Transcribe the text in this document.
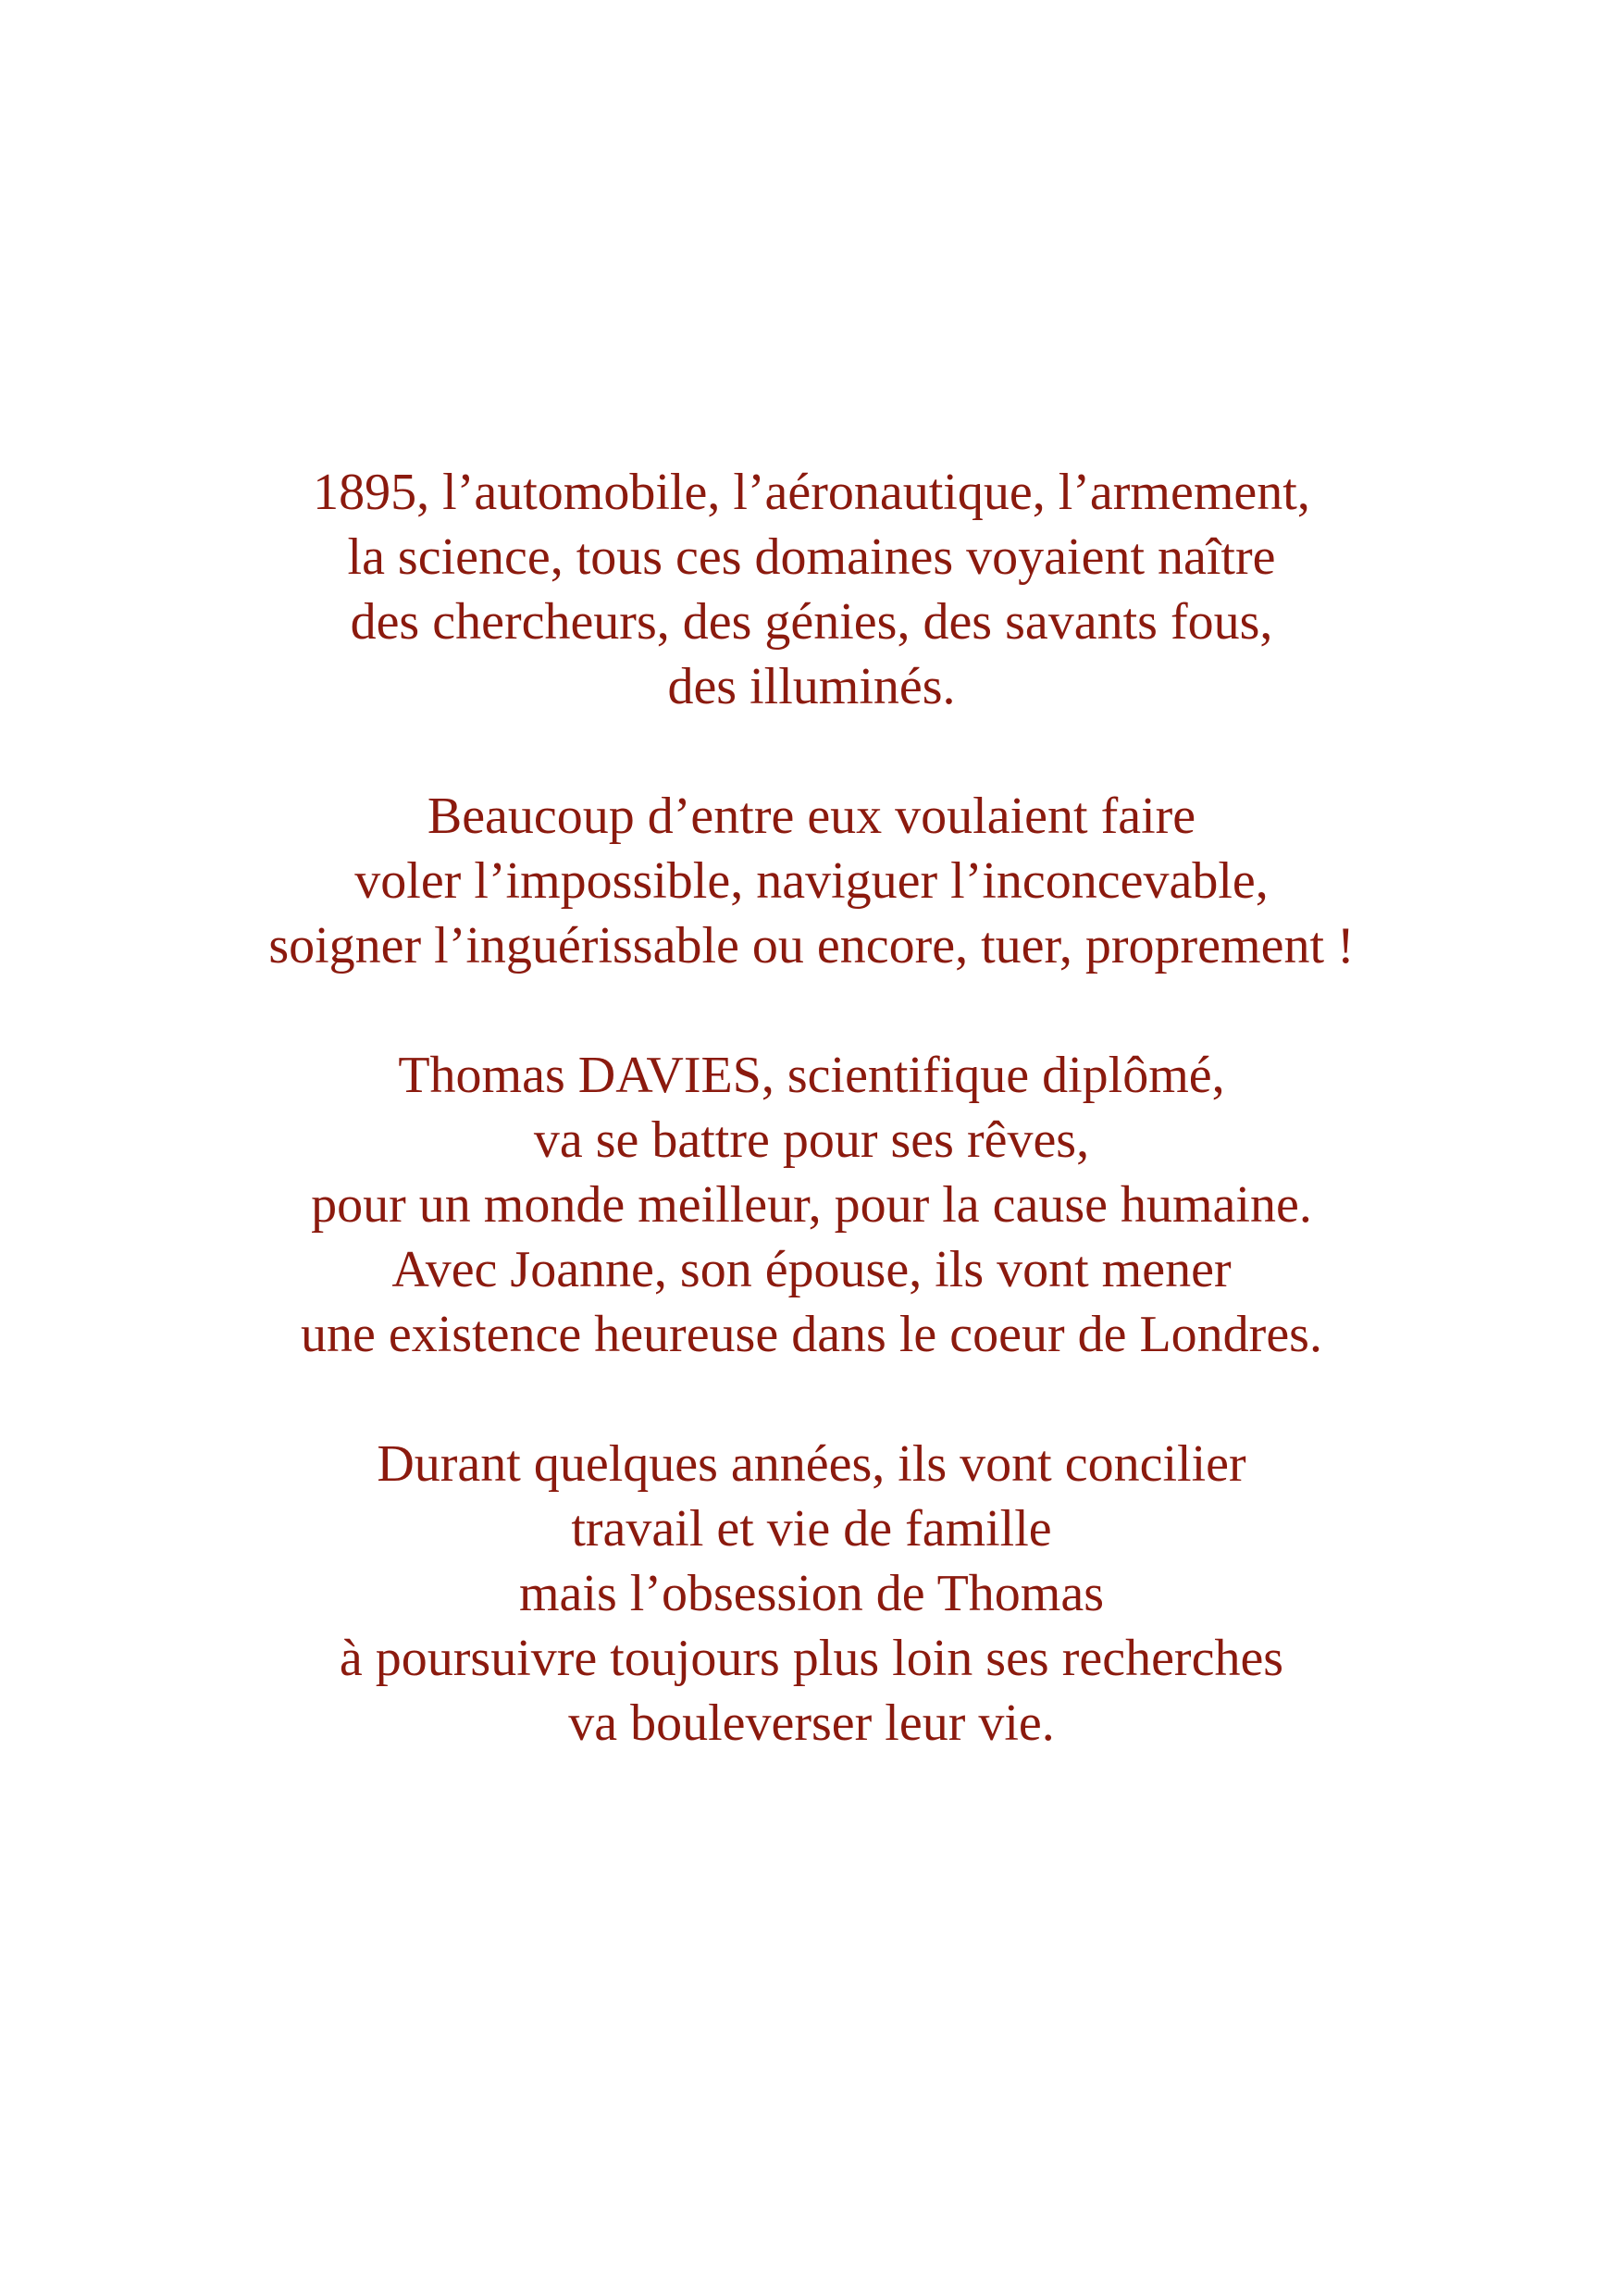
1895, l’automobile, l’aéronautique, l’armement,
la science, tous ces domaines voyaient naître
des chercheurs, des génies, des savants fous,
des illuminés.

Beaucoup d’entre eux voulaient faire
voler l’impossible, naviguer l’inconcevable,
soigner l’inguérissable ou encore, tuer, proprement !

Thomas DAVIES, scientifique diplômé,
va se battre pour ses rêves,
pour un monde meilleur, pour la cause humaine.
Avec Joanne, son épouse, ils vont mener
une existence heureuse dans le coeur de Londres.

Durant quelques années, ils vont concilier
travail et vie de famille
mais l’obsession de Thomas
à poursuivre toujours plus loin ses recherches
va bouleverser leur vie.
